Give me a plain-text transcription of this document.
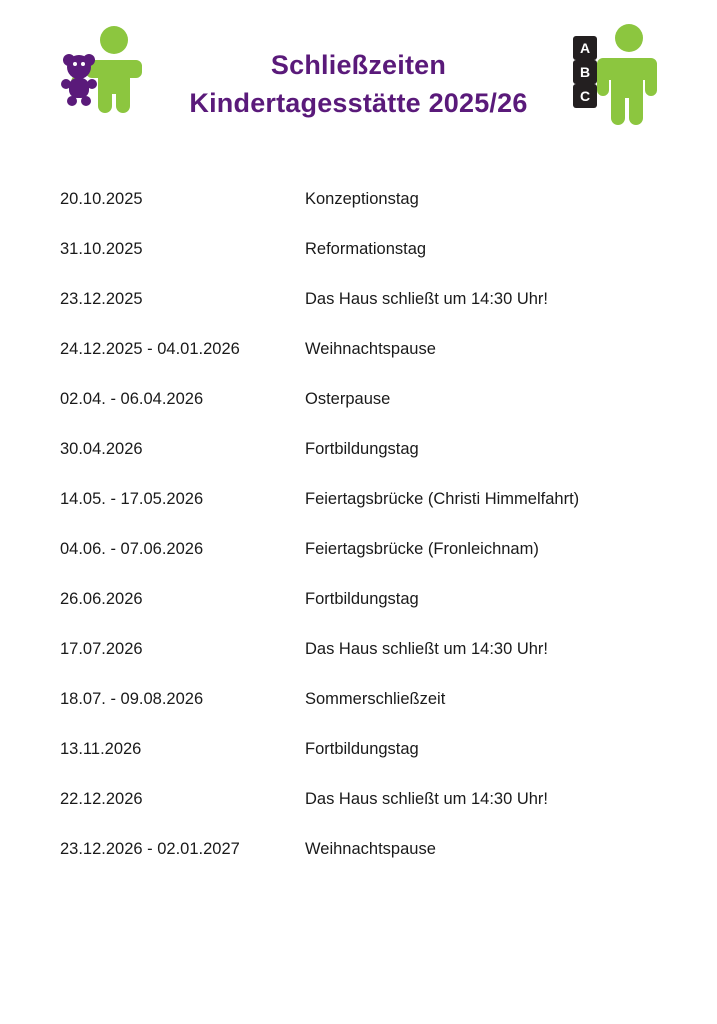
A
B
C
Schließzeiten
Kindertagesstätte 2025/26
20.10.2025	Konzeptionstag
31.10.2025	Reformationstag
23.12.2025	Das Haus schließt um 14:30 Uhr!
24.12.2025 - 04.01.2026	Weihnachtspause
02.04. - 06.04.2026	Osterpause
30.04.2026	Fortbildungstag
14.05. - 17.05.2026	Feiertagsbrücke (Christi Himmelfahrt)
04.06. - 07.06.2026	Feiertagsbrücke (Fronleichnam)
26.06.2026	Fortbildungstag
17.07.2026	Das Haus schließt um 14:30 Uhr!
18.07. - 09.08.2026	Sommerschließzeit
13.11.2026	Fortbildungstag
22.12.2026	Das Haus schließt um 14:30 Uhr!
23.12.2026 - 02.01.2027	Weihnachtspause
